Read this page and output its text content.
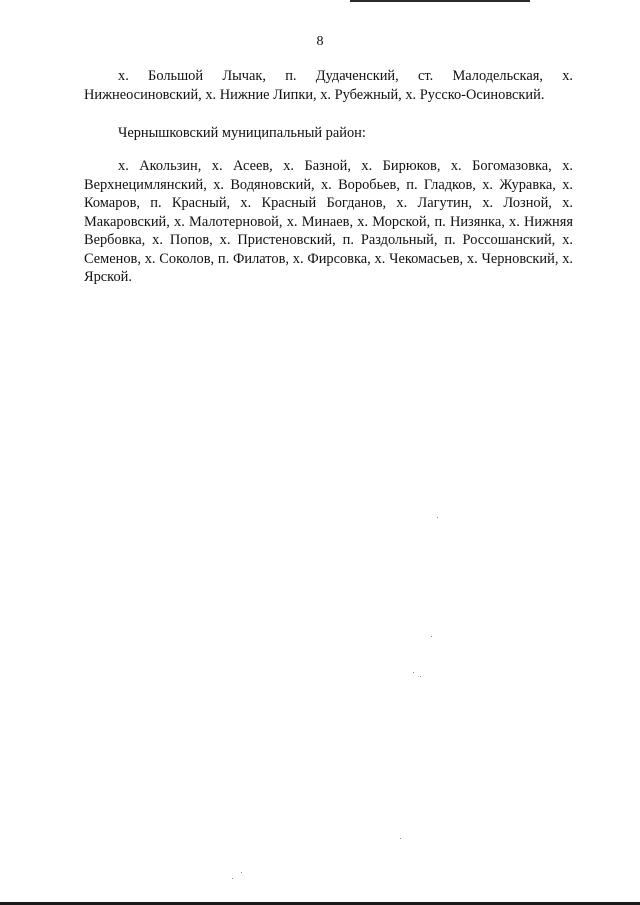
8

х. Большой Лычак, п. Дудаченский, ст. Малодельская, х. Нижнеосиновский, х. Нижние Липки, х. Рубежный, х. Русско-Осиновский.

Чернышковский муниципальный район:

х. Акользин, х. Асеев, х. Базной, х. Бирюков, х. Богомазовка, х. Верхнецимлянский, х. Водяновский, х. Воробьев, п. Гладков, х. Журавка, х. Комаров, п. Красный, х. Красный Богданов, х. Лагутин, х. Лозной, х. Макаровский, х. Малотерновой, х. Минаев, х. Морской, п. Низянка, х. Нижняя Вербовка, х. Попов, х. Пристеновский, п. Раздольный, п. Россошанский, х. Семенов, х. Соколов, п. Филатов, х. Фирсовка, х. Чекомасьев, х. Черновский, х. Ярской.
